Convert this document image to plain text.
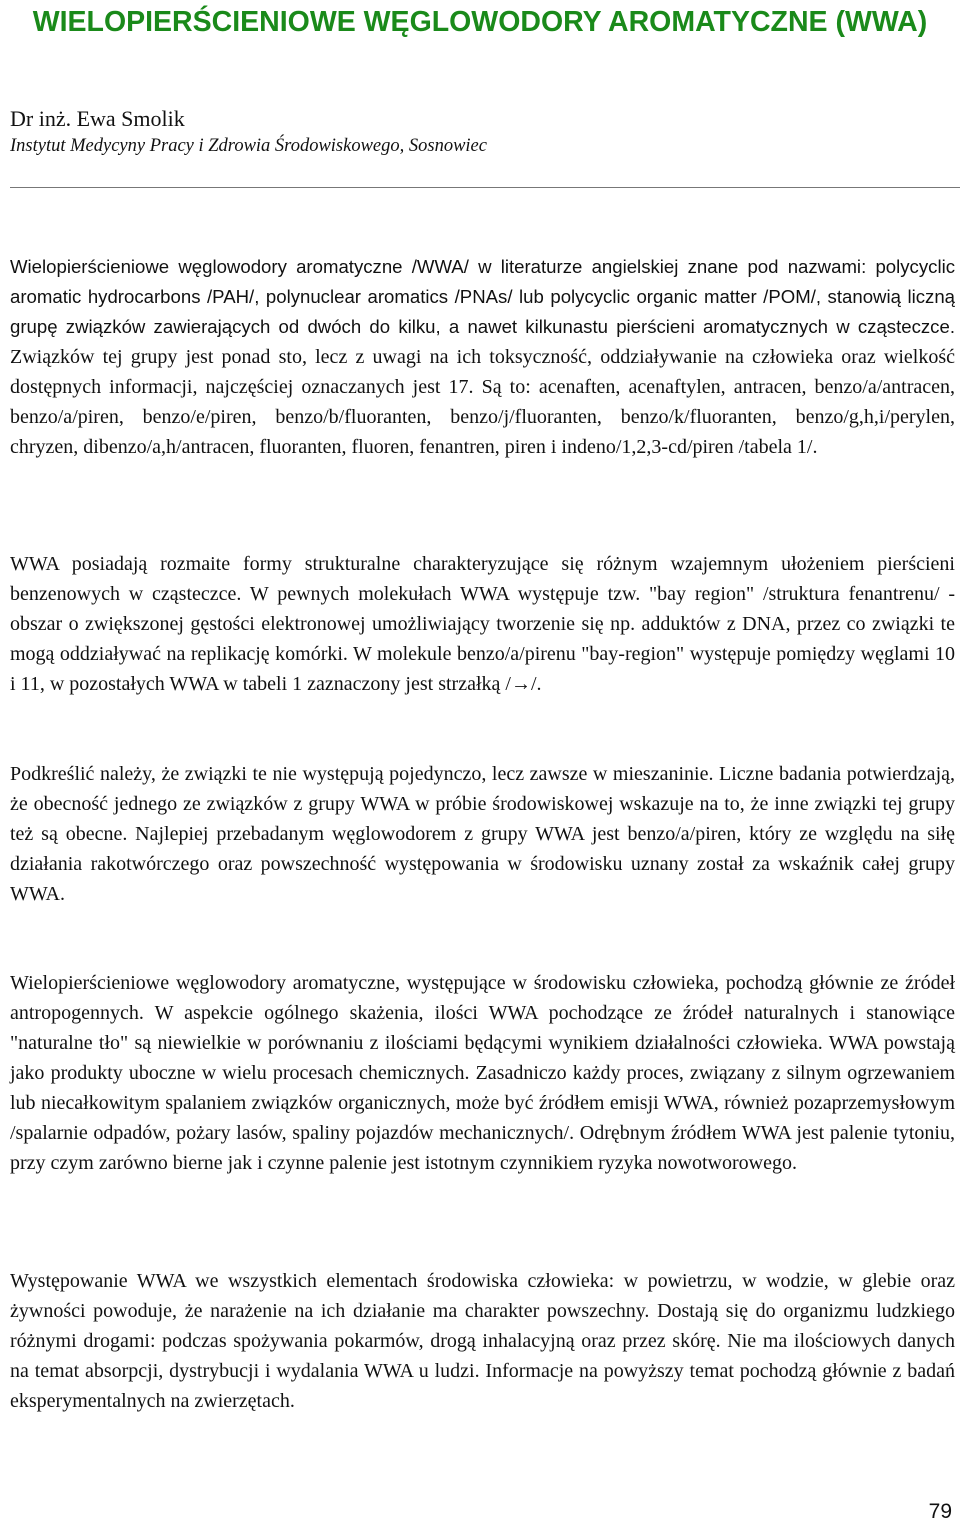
WIELOPIERŚCIENIOWE WĘGLOWODORY AROMATYCZNE (WWA)
Dr inż. Ewa Smolik
Instytut Medycyny Pracy i Zdrowia Środowiskowego, Sosnowiec

Wielopierścieniowe węglowodory aromatyczne /WWA/ w literaturze angielskiej znane pod nazwami: polycyclic aromatic hydrocarbons /PAH/, polynuclear aromatics /PNAs/ lub polycyclic organic matter /POM/, stanowią liczną grupę związków zawierających od dwóch do kilku, a nawet kilkunastu pierścieni aromatycznych w cząsteczce. Związków tej grupy jest ponad sto, lecz z uwagi na ich toksyczność, oddziaływanie na człowieka oraz wielkość dostępnych informacji, najczęściej oznaczanych jest 17. Są to: acenaften, acenaftylen, antracen, benzo/a/antracen, benzo/a/piren, benzo/e/piren, benzo/b/fluoranten, benzo/j/fluoranten, benzo/k/fluoranten, benzo/g,h,i/perylen, chryzen, dibenzo/a,h/antracen, fluoranten, fluoren, fenantren, piren i indeno/1,2,3-cd/piren /tabela 1/.

WWA posiadają rozmaite formy strukturalne charakteryzujące się różnym wzajemnym ułożeniem pierścieni benzenowych w cząsteczce. W pewnych molekułach WWA występuje tzw. "bay region" /struktura fenantrenu/ - obszar o zwiększonej gęstości elektronowej umożliwiający tworzenie się np. adduktów z DNA, przez co związki te mogą oddziaływać na replikację komórki. W molekule benzo/a/pirenu "bay-region" występuje pomiędzy węglami 10 i 11, w pozostałych WWA w tabeli 1 zaznaczony jest strzałką /→/.

Podkreślić należy, że związki te nie występują pojedynczo, lecz zawsze w mieszaninie. Liczne badania potwierdzają, że obecność jednego ze związków z grupy WWA w próbie środowiskowej wskazuje na to, że inne związki tej grupy też są obecne. Najlepiej przebadanym węglowodorem z grupy WWA jest benzo/a/piren, który ze względu na siłę działania rakotwórczego oraz powszechność występowania w środowisku uznany został za wskaźnik całej grupy WWA.

Wielopierścieniowe węglowodory aromatyczne, występujące w środowisku człowieka, pochodzą głównie ze źródeł antropogennych. W aspekcie ogólnego skażenia, ilości WWA pochodzące ze źródeł naturalnych i stanowiące "naturalne tło" są niewielkie w porównaniu z ilościami będącymi wynikiem działalności człowieka. WWA powstają jako produkty uboczne w wielu procesach chemicznych. Zasadniczo każdy proces, związany z silnym ogrzewaniem lub niecałkowitym spalaniem związków organicznych, może być źródłem emisji WWA, również pozaprzemysłowym /spalarnie odpadów, pożary lasów, spaliny pojazdów mechanicznych/. Odrębnym źródłem WWA jest palenie tytoniu, przy czym zarówno bierne jak i czynne palenie jest istotnym czynnikiem ryzyka nowotworowego.

Występowanie WWA we wszystkich elementach środowiska człowieka: w powietrzu, w wodzie, w glebie oraz żywności powoduje, że narażenie na ich działanie ma charakter powszechny. Dostają się do organizmu ludzkiego różnymi drogami: podczas spożywania pokarmów, drogą inhalacyjną oraz przez skórę. Nie ma ilościowych danych na temat absorpcji, dystrybucji i wydalania WWA u ludzi. Informacje na powyższy temat pochodzą głównie z badań eksperymentalnych na zwierzętach.

79
